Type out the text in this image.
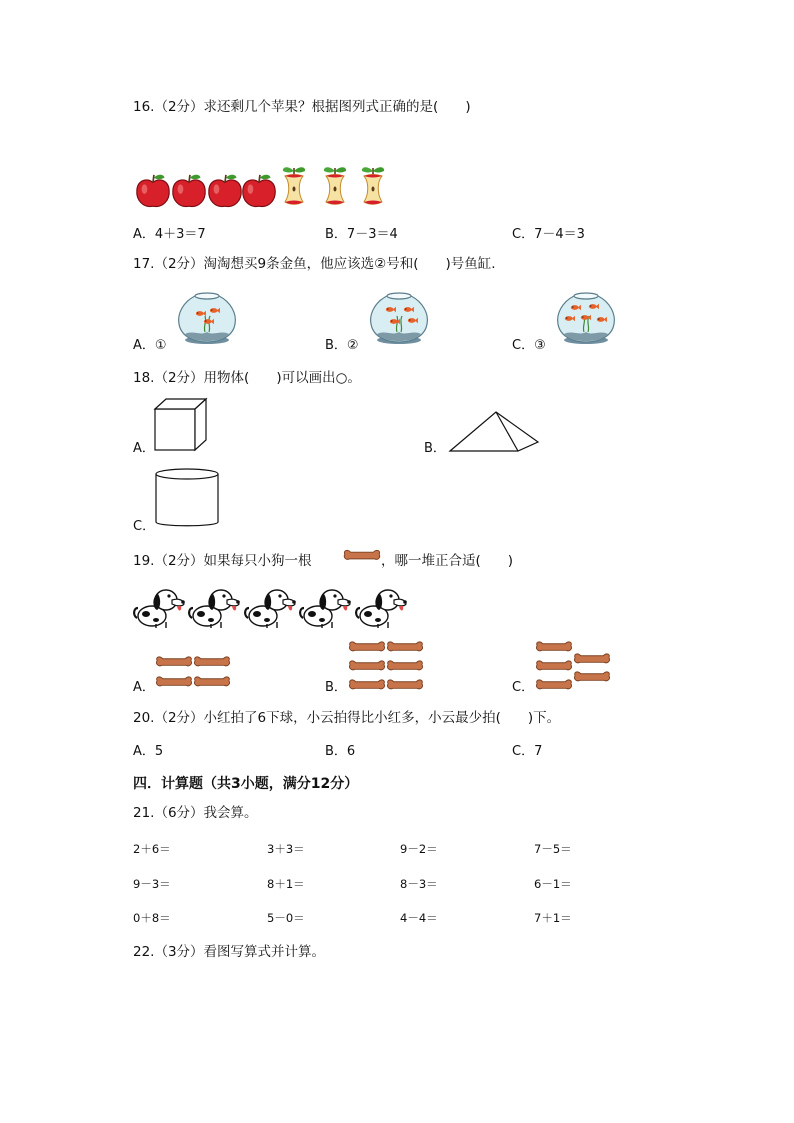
16.（2分）求还剩几个苹果？根据图列式正确的是(　　)
A．4＋3＝7	B．7－3＝4	C．7－4＝3
17.（2分）淘淘想买9条金鱼，他应该选②号和(　　)号鱼缸.
A．①	B．②	C．③
18.（2分）用物体(　　)可以画出○。
A．	B．
C．
19.（2分）如果每只小狗一根	，哪一堆正合适(　　)
A．	B．	C．
20.（2分）小红拍了6下球，小云拍得比小红多，小云最少拍(　　)下。
A．5	B．6	C．7
四．计算题（共3小题，满分12分）
21.（6分）我会算。
2＋6＝	3＋3＝	9－2＝	7－5＝
9－3＝	8＋1＝	8－3＝	6－1＝
0＋8＝	5－0＝	4－4＝	7＋1＝
22.（3分）看图写算式并计算。
